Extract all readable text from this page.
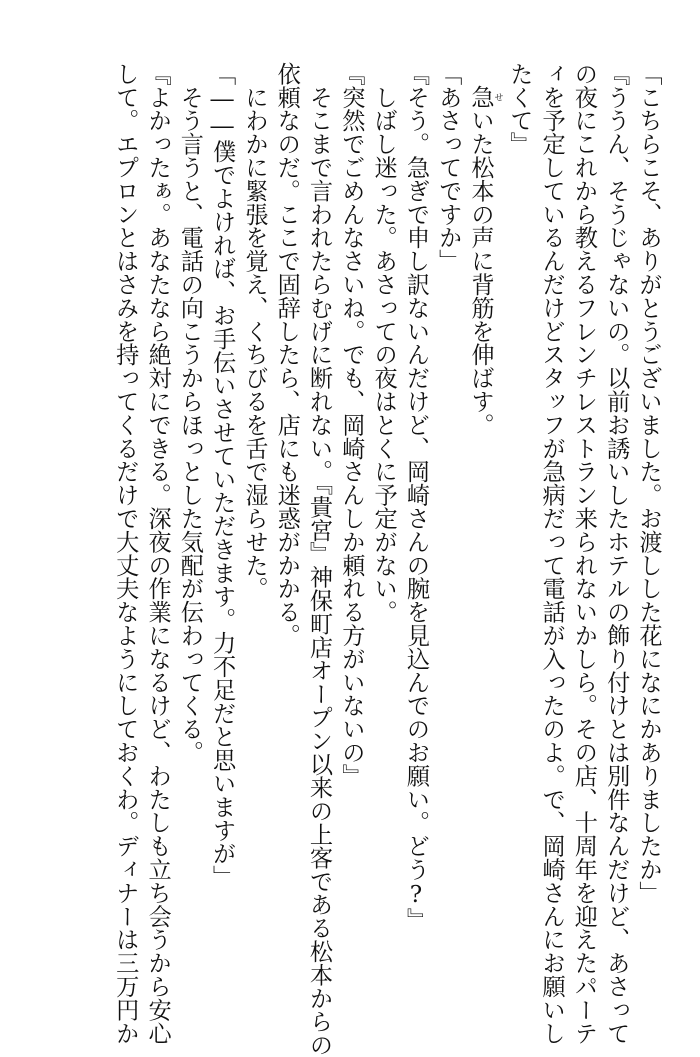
「こちらこそ、ありがとうございました。お渡しした花になにかありましたか」
『ううん、そうじゃないの。以前お誘いしたホテルの飾り付けとは別件なんだけど、あさって
の夜にこれから教えるフレンチレストラン来られないかしら。その店、十周年を迎えたパーテ
ィを予定しているんだけどスタッフが急病だって電話が入ったのよ。で、岡崎さんにお願いし
たくて』
　急せいた松本の声に背筋を伸ばす。
「あさってですか」
『そう。急ぎで申し訳ないんだけど、岡崎さんの腕を見込んでのお願い。どう?』
　しばし迷った。あさっての夜はとくに予定がない。
『突然でごめんなさいね。でも、岡崎さんしか頼れる方がいないの』
　そこまで言われたらむげに断れない。『貴宮』神保町店オープン以来の上客である松本からの
依頼なのだ。ここで固辞したら、店にも迷惑がかかる。
　にわかに緊張を覚え、くちびるを舌で湿らせた。
「――僕でよければ、お手伝いさせていただきます。力不足だと思いますが」
　そう言うと、電話の向こうからほっとした気配が伝わってくる。
『よかったぁ。あなたなら絶対にできる。深夜の作業になるけど、わたしも立ち会うから安心
して。エプロンとはさみを持ってくるだけで大丈夫なようにしておくわ。ディナーは三万円か
